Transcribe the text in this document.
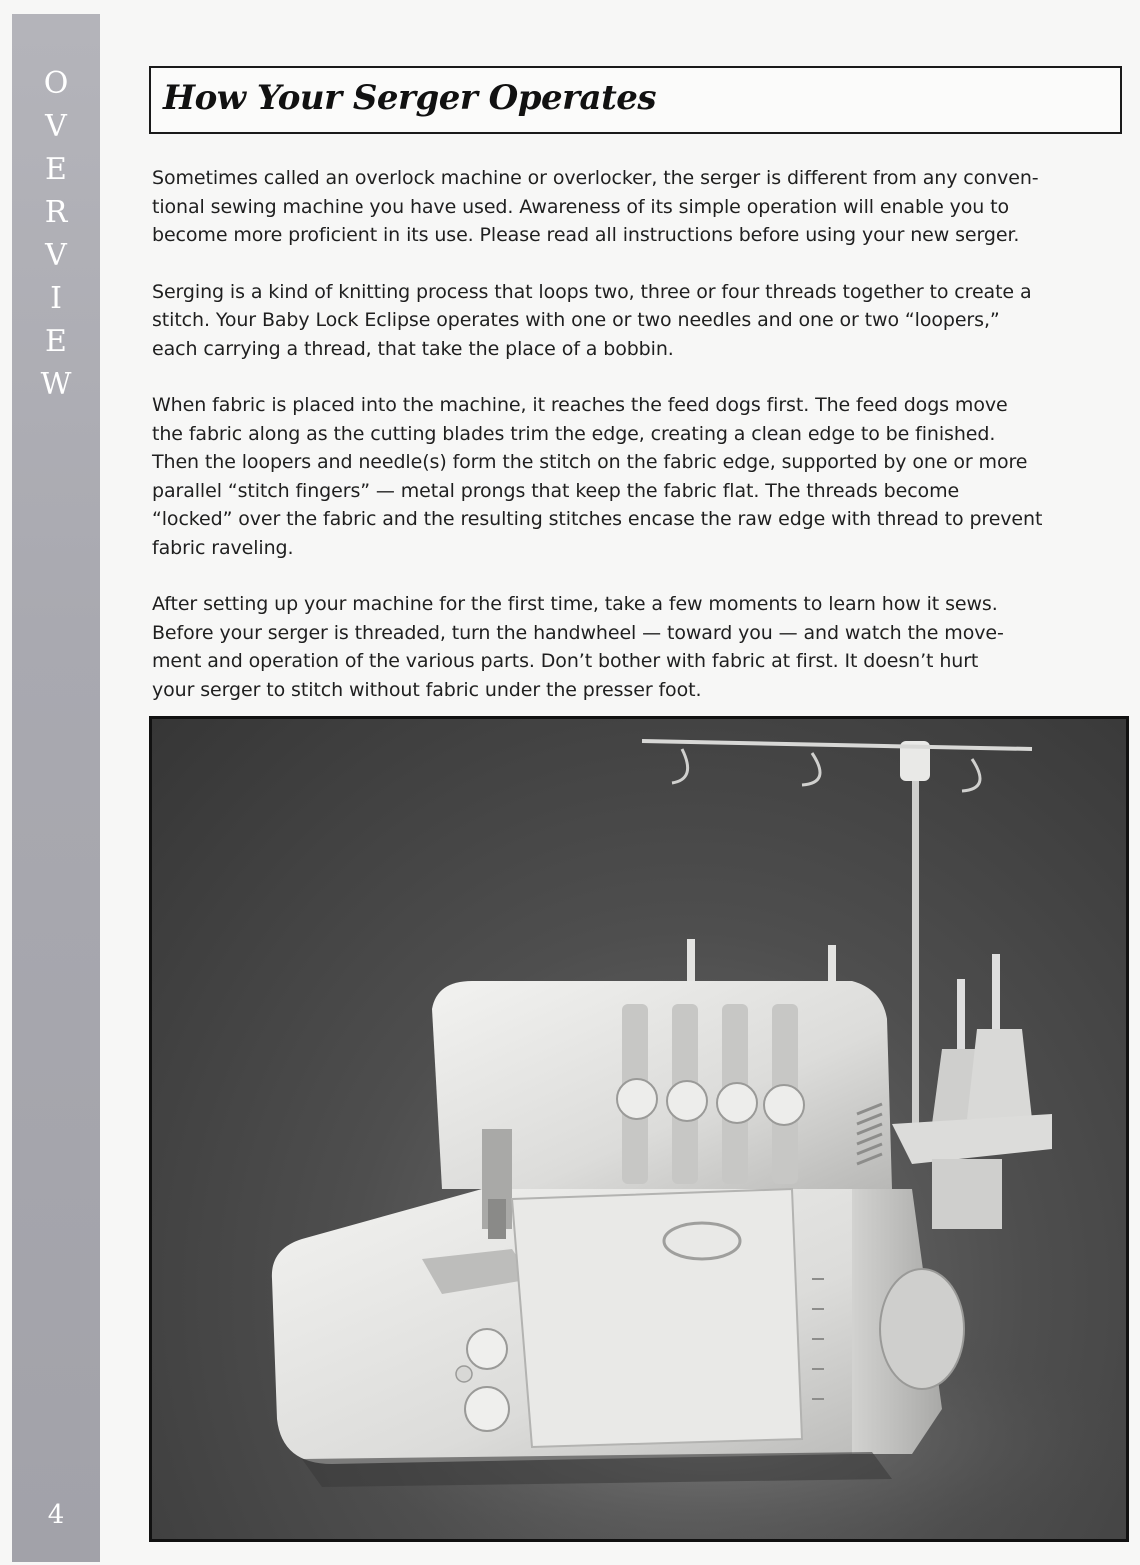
O
V
E
R
V
I
E
W
4
How Your Serger Operates

Sometimes called an overlock machine or overlocker, the serger is different from any conven-
tional sewing machine you have used. Awareness of its simple operation will enable you to
become more proficient in its use. Please read all instructions before using your new serger.

Serging is a kind of knitting process that loops two, three or four threads together to create a
stitch. Your Baby Lock Eclipse operates with one or two needles and one or two “loopers,”
each carrying a thread, that take the place of a bobbin.

When fabric is placed into the machine, it reaches the feed dogs first. The feed dogs move
the fabric along as the cutting blades trim the edge, creating a clean edge to be finished.
Then the loopers and needle(s) form the stitch on the fabric edge, supported by one or more
parallel “stitch fingers” — metal prongs that keep the fabric flat. The threads become
“locked” over the fabric and the resulting stitches encase the raw edge with thread to prevent
fabric raveling.

After setting up your machine for the first time, take a few moments to learn how it sews.
Before your serger is threaded, turn the handwheel — toward you — and watch the move-
ment and operation of the various parts. Don’t bother with fabric at first. It doesn’t hurt
your serger to stitch without fabric under the presser foot.
